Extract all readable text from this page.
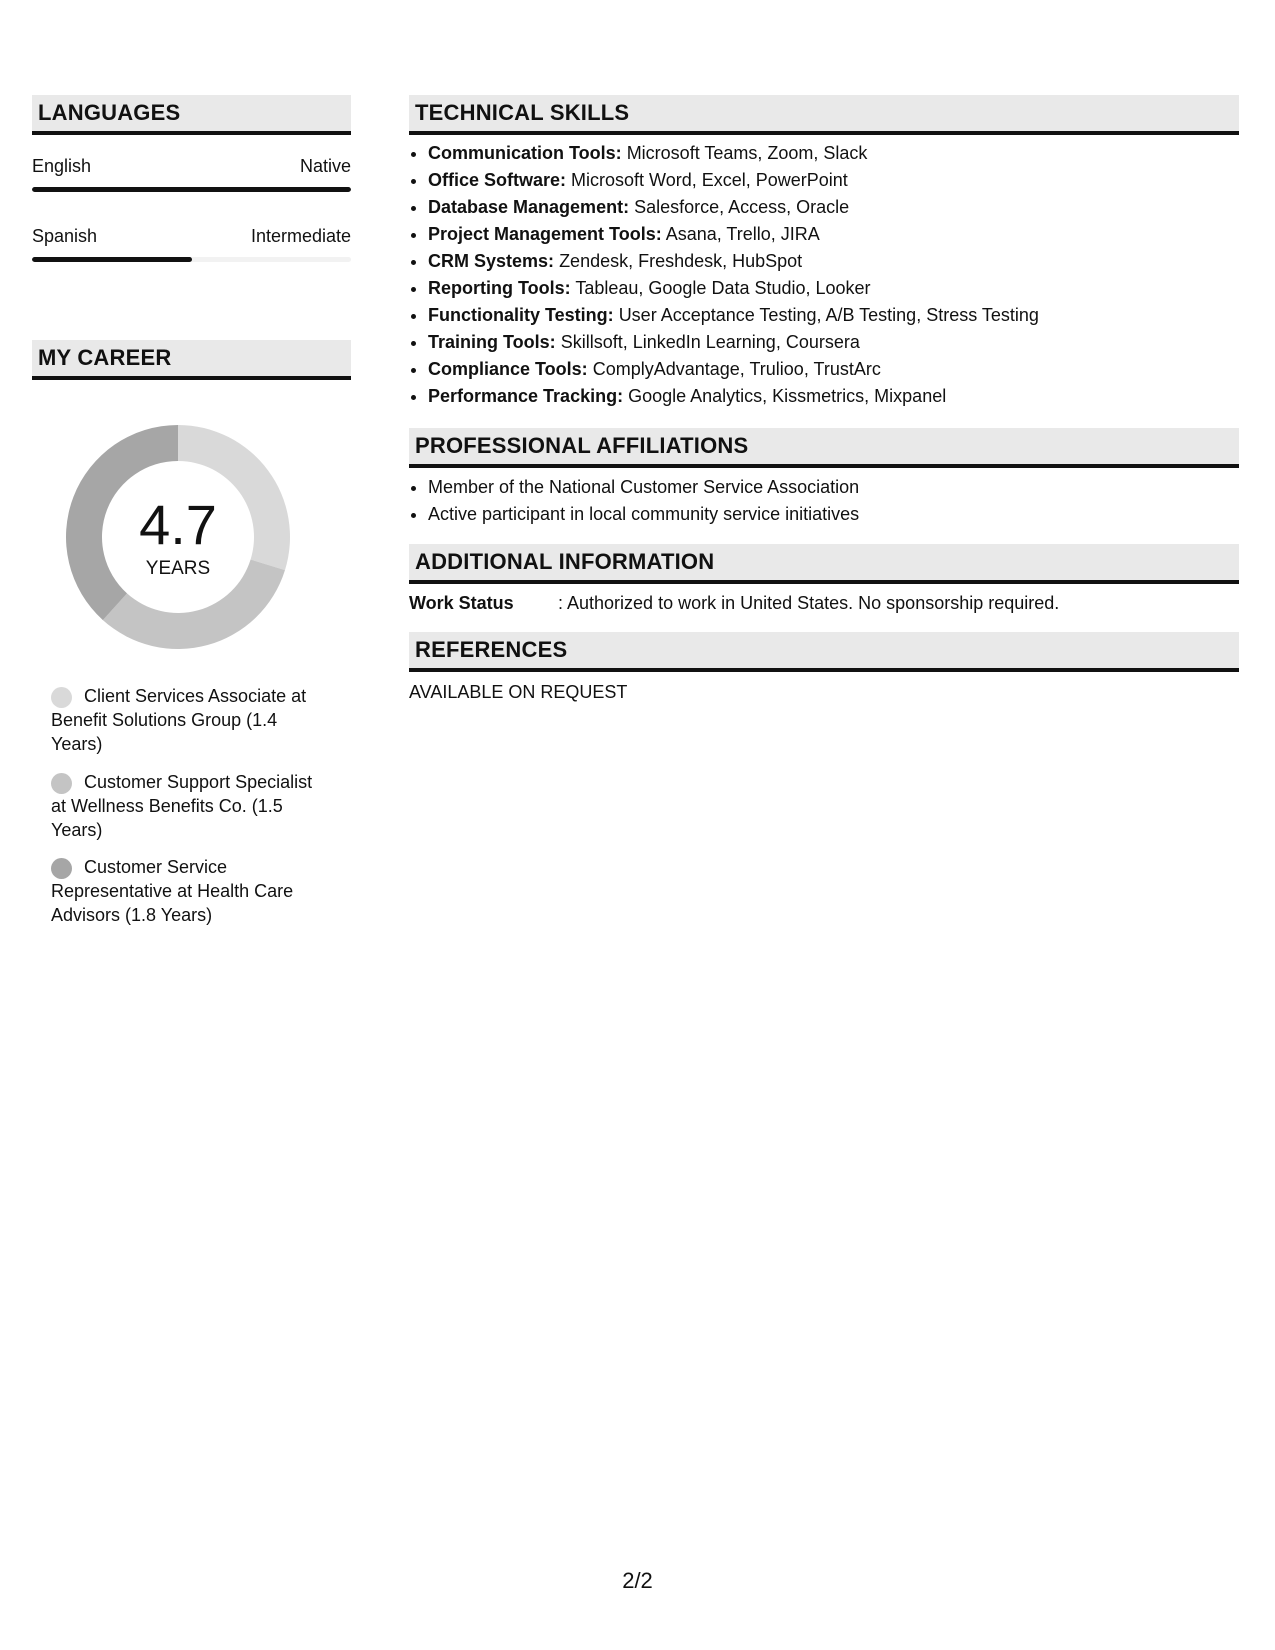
LANGUAGES
English	Native
Spanish	Intermediate
MY CAREER
4.7
YEARS
Client Services Associate at Benefit Solutions Group (1.4 Years)
Customer Support Specialist at Wellness Benefits Co. (1.5 Years)
Customer Service Representative at Health Care Advisors (1.8 Years)
TECHNICAL SKILLS
• Communication Tools: Microsoft Teams, Zoom, Slack
• Office Software: Microsoft Word, Excel, PowerPoint
• Database Management: Salesforce, Access, Oracle
• Project Management Tools: Asana, Trello, JIRA
• CRM Systems: Zendesk, Freshdesk, HubSpot
• Reporting Tools: Tableau, Google Data Studio, Looker
• Functionality Testing: User Acceptance Testing, A/B Testing, Stress Testing
• Training Tools: Skillsoft, LinkedIn Learning, Coursera
• Compliance Tools: ComplyAdvantage, Trulioo, TrustArc
• Performance Tracking: Google Analytics, Kissmetrics, Mixpanel
PROFESSIONAL AFFILIATIONS
• Member of the National Customer Service Association
• Active participant in local community service initiatives
ADDITIONAL INFORMATION
Work Status : Authorized to work in United States. No sponsorship required.
REFERENCES
AVAILABLE ON REQUEST
2/2
